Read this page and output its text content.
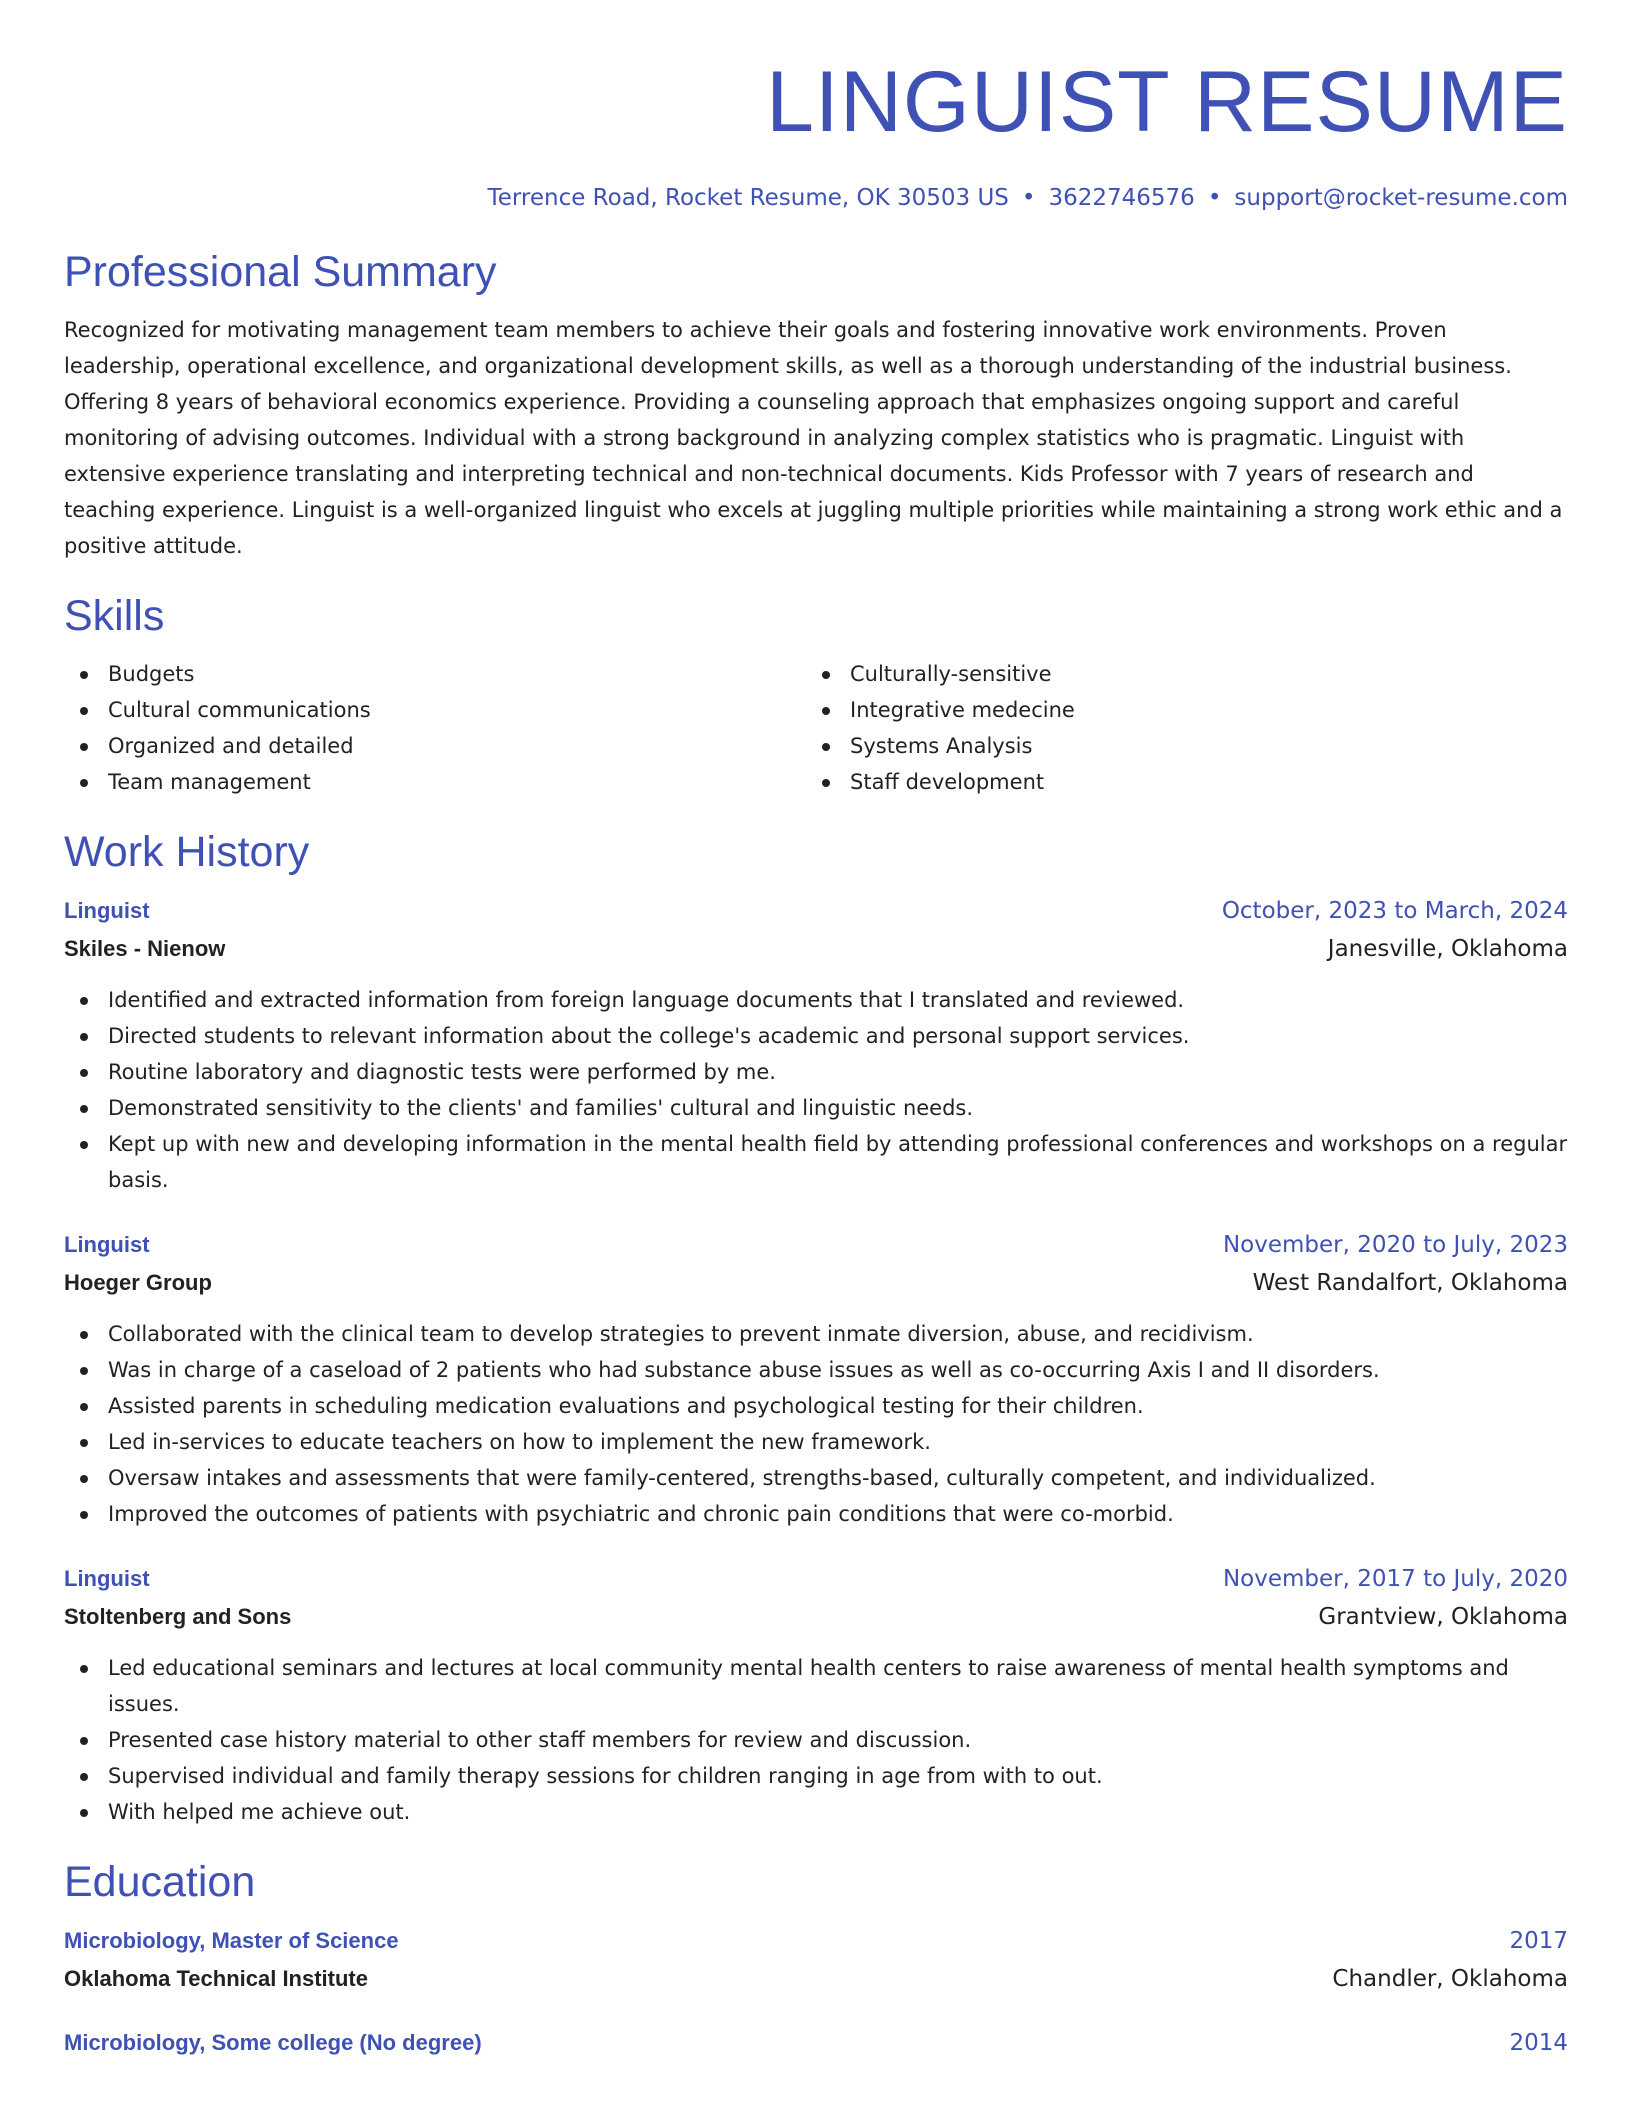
LINGUIST RESUME
Terrence Road, Rocket Resume, OK 30503 US • 3622746576 • support@rocket-resume.com
Professional Summary

Recognized for motivating management team members to achieve their goals and fostering innovative work environments. Proven leadership, operational excellence, and organizational development skills, as well as a thorough understanding of the industrial business. Offering 8 years of behavioral economics experience. Providing a counseling approach that emphasizes ongoing support and careful monitoring of advising outcomes. Individual with a strong background in analyzing complex statistics who is pragmatic. Linguist with extensive experience translating and interpreting technical and non-technical documents. Kids Professor with 7 years of research and teaching experience. Linguist is a well-organized linguist who excels at juggling multiple priorities while maintaining a strong work ethic and a positive attitude.

Skills
Budgets
Cultural communications
Organized and detailed
Team management
Culturally-sensitive
Integrative medecine
Systems Analysis
Staff development
Work History
Linguist	October, 2023 to March, 2024
Skiles - Nienow	Janesville, Oklahoma
Identified and extracted information from foreign language documents that I translated and reviewed.
Directed students to relevant information about the college's academic and personal support services.
Routine laboratory and diagnostic tests were performed by me.
Demonstrated sensitivity to the clients' and families' cultural and linguistic needs.
Kept up with new and developing information in the mental health field by attending professional conferences and workshops on a regular basis.
Linguist	November, 2020 to July, 2023
Hoeger Group	West Randalfort, Oklahoma
Collaborated with the clinical team to develop strategies to prevent inmate diversion, abuse, and recidivism.
Was in charge of a caseload of 2 patients who had substance abuse issues as well as co-occurring Axis I and II disorders.
Assisted parents in scheduling medication evaluations and psychological testing for their children.
Led in-services to educate teachers on how to implement the new framework.
Oversaw intakes and assessments that were family-centered, strengths-based, culturally competent, and individualized.
Improved the outcomes of patients with psychiatric and chronic pain conditions that were co-morbid.
Linguist	November, 2017 to July, 2020
Stoltenberg and Sons	Grantview, Oklahoma
Led educational seminars and lectures at local community mental health centers to raise awareness of mental health symptoms and issues.
Presented case history material to other staff members for review and discussion.
Supervised individual and family therapy sessions for children ranging in age from with to out.
With helped me achieve out.
Education
Microbiology, Master of Science	2017
Oklahoma Technical Institute	Chandler, Oklahoma
Microbiology, Some college (No degree)	2014
